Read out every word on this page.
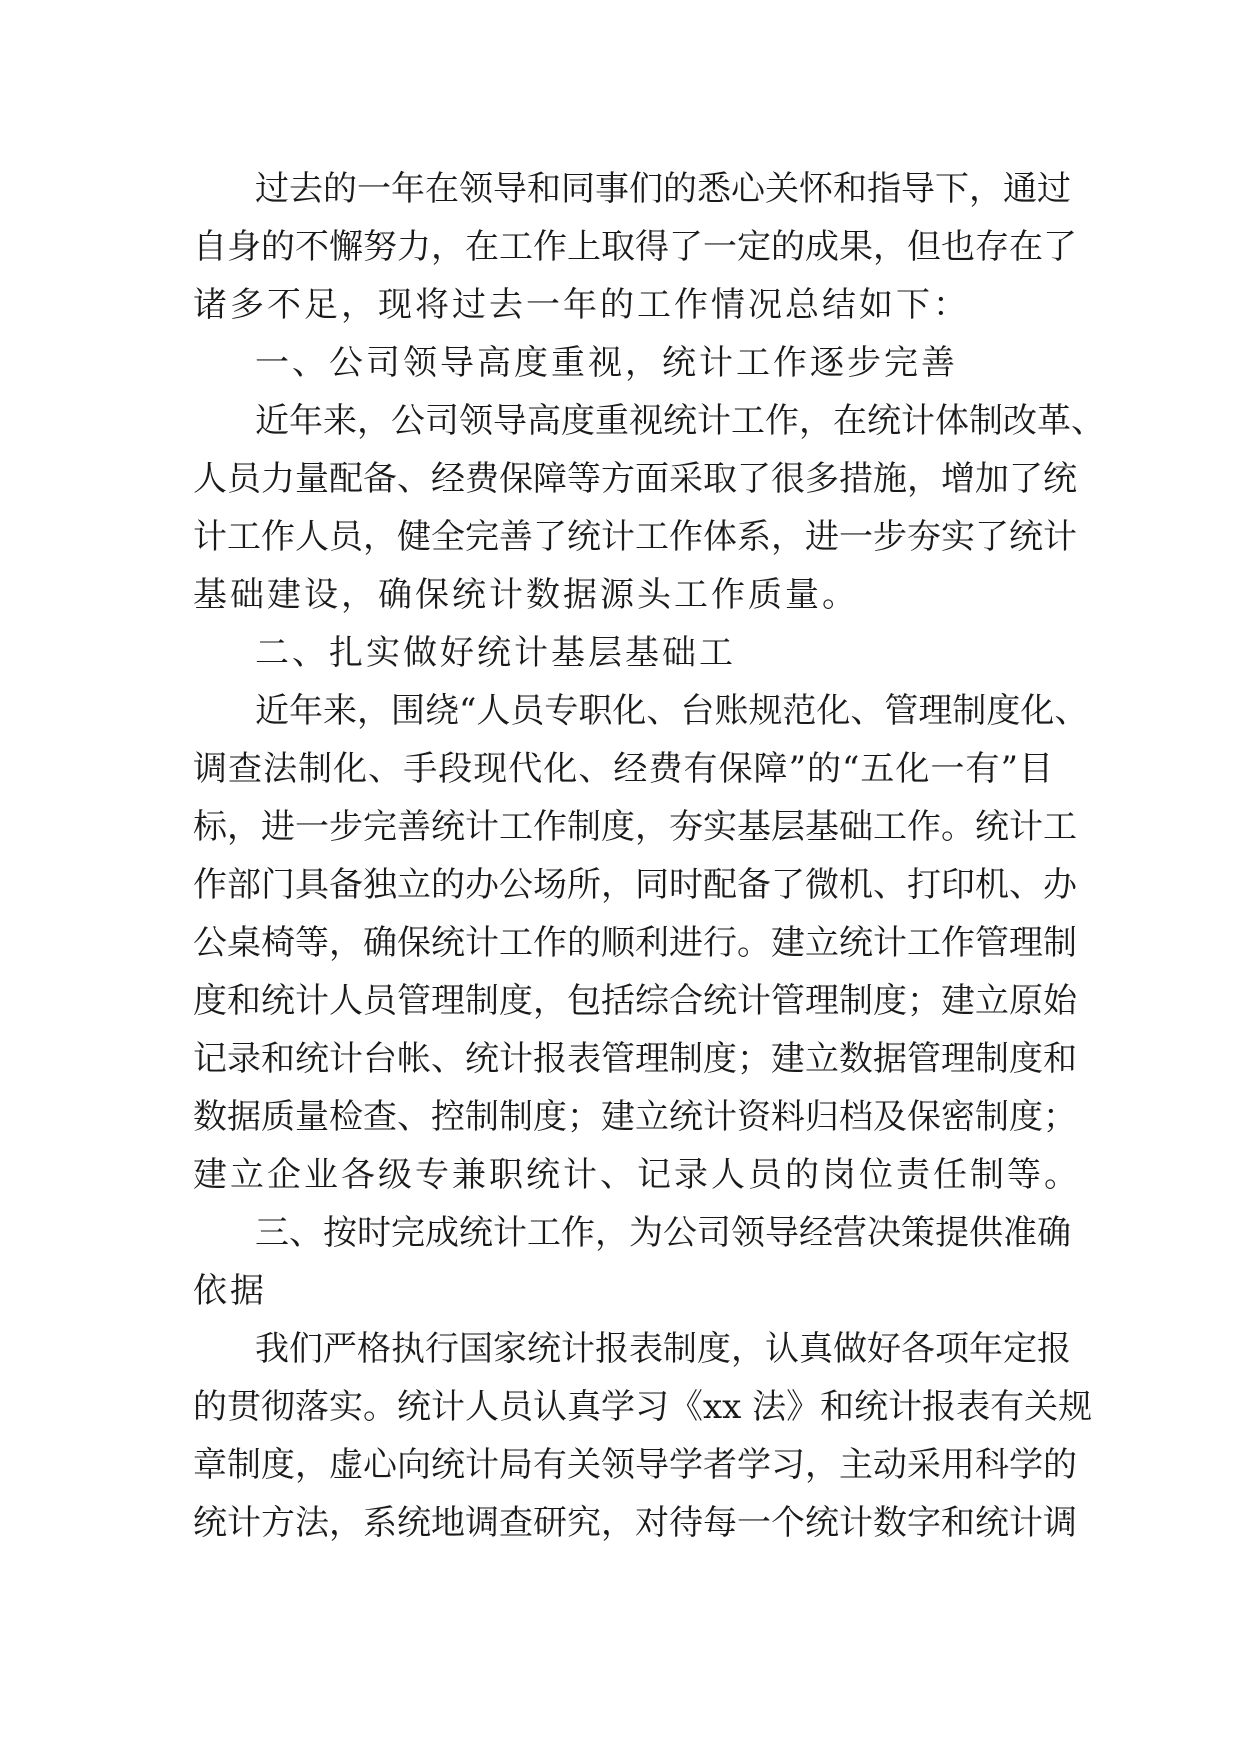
过去的一年在领导和同事们的悉心关怀和指导下，通过
自身的不懈努力，在工作上取得了一定的成果，但也存在了
诸多不足，现将过去一年的工作情况总结如下：
一、公司领导高度重视，统计工作逐步完善
近年来，公司领导高度重视统计工作，在统计体制改革、
人员力量配备、经费保障等方面采取了很多措施，增加了统
计工作人员，健全完善了统计工作体系，进一步夯实了统计
基础建设，确保统计数据源头工作质量。
二、扎实做好统计基层基础工
近年来，围绕“人员专职化、台账规范化、管理制度化、
调查法制化、手段现代化、经费有保障”的“五化一有”目
标，进一步完善统计工作制度，夯实基层基础工作。统计工
作部门具备独立的办公场所，同时配备了微机、打印机、办
公桌椅等，确保统计工作的顺利进行。建立统计工作管理制
度和统计人员管理制度，包括综合统计管理制度；建立原始
记录和统计台帐、统计报表管理制度；建立数据管理制度和
数据质量检查、控制制度；建立统计资料归档及保密制度；
建立企业各级专兼职统计、记录人员的岗位责任制等。
三、按时完成统计工作，为公司领导经营决策提供准确
依据
我们严格执行国家统计报表制度，认真做好各项年定报
的贯彻落实。统计人员认真学习《xx 法》和统计报表有关规
章制度，虚心向统计局有关领导学者学习，主动采用科学的
统计方法，系统地调查研究，对待每一个统计数字和统计调
